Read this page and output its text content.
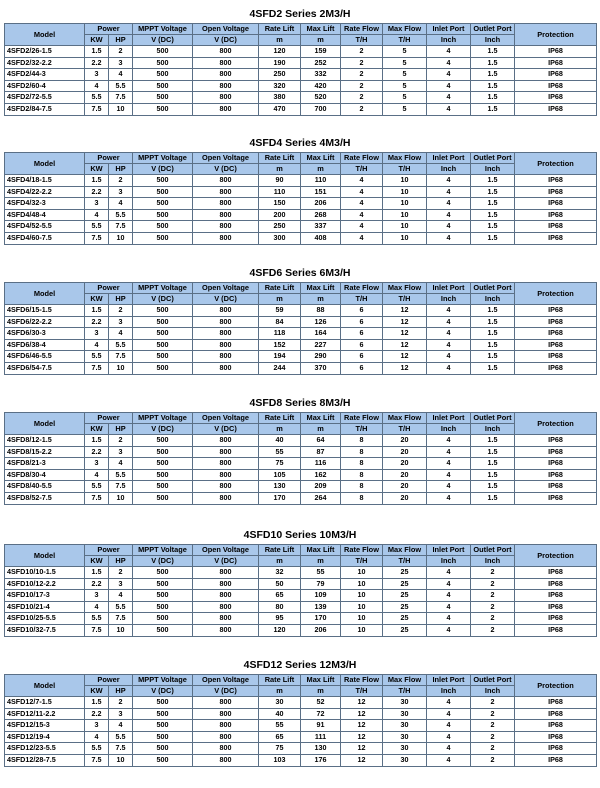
4SFD2 Series 2M3/H
Model	Power		MPPT Voltage	Open Voltage	Rate Lift	Max Lift	Rate Flow	Max Flow	Inlet Port	Outlet Port	Protection
	KW	HP	V (DC)	V (DC)	m	m	T/H	T/H	Inch	Inch	
4SFD2/26-1.5	1.5	2	500	800	120	159	2	5	4	1.5	IP68
4SFD2/32-2.2	2.2	3	500	800	190	252	2	5	4	1.5	IP68
4SFD2/44-3	3	4	500	800	250	332	2	5	4	1.5	IP68
4SFD2/60-4	4	5.5	500	800	320	420	2	5	4	1.5	IP68
4SFD2/72-5.5	5.5	7.5	500	800	380	520	2	5	4	1.5	IP68
4SFD2/84-7.5	7.5	10	500	800	470	700	2	5	4	1.5	IP68
4SFD4 Series 4M3/H
Model	Power		MPPT Voltage	Open Voltage	Rate Lift	Max Lift	Rate Flow	Max Flow	Inlet Port	Outlet Port	Protection
	KW	HP	V (DC)	V (DC)	m	m	T/H	T/H	Inch	Inch	
4SFD4/18-1.5	1.5	2	500	800	90	110	4	10	4	1.5	IP68
4SFD4/22-2.2	2.2	3	500	800	110	151	4	10	4	1.5	IP68
4SFD4/32-3	3	4	500	800	150	206	4	10	4	1.5	IP68
4SFD4/48-4	4	5.5	500	800	200	268	4	10	4	1.5	IP68
4SFD4/52-5.5	5.5	7.5	500	800	250	337	4	10	4	1.5	IP68
4SFD4/60-7.5	7.5	10	500	800	300	408	4	10	4	1.5	IP68
4SFD6 Series 6M3/H
Model	Power		MPPT Voltage	Open Voltage	Rate Lift	Max Lift	Rate Flow	Max Flow	Inlet Port	Outlet Port	Protection
	KW	HP	V (DC)	V (DC)	m	m	T/H	T/H	Inch	Inch	
4SFD6/15-1.5	1.5	2	500	800	59	88	6	12	4	1.5	IP68
4SFD6/22-2.2	2.2	3	500	800	84	126	6	12	4	1.5	IP68
4SFD6/30-3	3	4	500	800	118	164	6	12	4	1.5	IP68
4SFD6/38-4	4	5.5	500	800	152	227	6	12	4	1.5	IP68
4SFD6/46-5.5	5.5	7.5	500	800	194	290	6	12	4	1.5	IP68
4SFD6/54-7.5	7.5	10	500	800	244	370	6	12	4	1.5	IP68
4SFD8 Series 8M3/H
Model	Power		MPPT Voltage	Open Voltage	Rate Lift	Max Lift	Rate Flow	Max Flow	Inlet Port	Outlet Port	Protection
	KW	HP	V (DC)	V (DC)	m	m	T/H	T/H	Inch	Inch	
4SFD8/12-1.5	1.5	2	500	800	40	64	8	20	4	1.5	IP68
4SFD8/15-2.2	2.2	3	500	800	55	87	8	20	4	1.5	IP68
4SFD8/21-3	3	4	500	800	75	116	8	20	4	1.5	IP68
4SFD8/30-4	4	5.5	500	800	105	162	8	20	4	1.5	IP68
4SFD8/40-5.5	5.5	7.5	500	800	130	209	8	20	4	1.5	IP68
4SFD8/52-7.5	7.5	10	500	800	170	264	8	20	4	1.5	IP68
4SFD10 Series 10M3/H
Model	Power		MPPT Voltage	Open Voltage	Rate Lift	Max Lift	Rate Flow	Max Flow	Inlet Port	Outlet Port	Protection
	KW	HP	V (DC)	V (DC)	m	m	T/H	T/H	Inch	Inch	
4SFD10/10-1.5	1.5	2	500	800	32	55	10	25	4	2	IP68
4SFD10/12-2.2	2.2	3	500	800	50	79	10	25	4	2	IP68
4SFD10/17-3	3	4	500	800	65	109	10	25	4	2	IP68
4SFD10/21-4	4	5.5	500	800	80	139	10	25	4	2	IP68
4SFD10/25-5.5	5.5	7.5	500	800	95	170	10	25	4	2	IP68
4SFD10/32-7.5	7.5	10	500	800	120	206	10	25	4	2	IP68
4SFD12 Series 12M3/H
Model	Power		MPPT Voltage	Open Voltage	Rate Lift	Max Lift	Rate Flow	Max Flow	Inlet Port	Outlet Port	Protection
	KW	HP	V (DC)	V (DC)	m	m	T/H	T/H	Inch	Inch	
4SFD12/7-1.5	1.5	2	500	800	30	52	12	30	4	2	IP68
4SFD12/11-2.2	2.2	3	500	800	40	72	12	30	4	2	IP68
4SFD12/15-3	3	4	500	800	55	91	12	30	4	2	IP68
4SFD12/19-4	4	5.5	500	800	65	111	12	30	4	2	IP68
4SFD12/23-5.5	5.5	7.5	500	800	75	130	12	30	4	2	IP68
4SFD12/28-7.5	7.5	10	500	800	103	176	12	30	4	2	IP68
